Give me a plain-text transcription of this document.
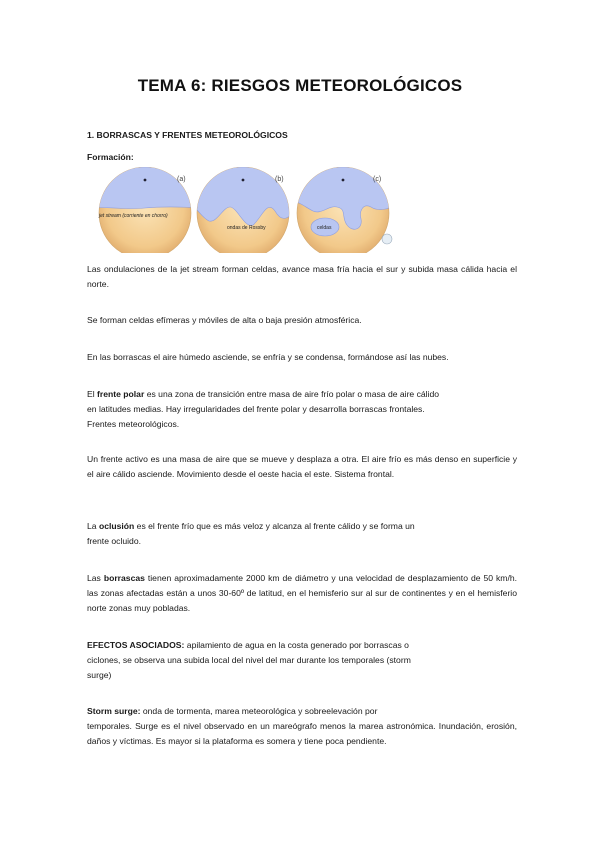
TEMA 6: RIESGOS METEOROLÓGICOS
1. BORRASCAS Y FRENTES METEOROLÓGICOS
Formación:
(a)
jet stream (corriente en chorro)
(b)
ondas de Rossby
(c)
celdas
Las ondulaciones de la jet stream forman celdas, avance masa fría hacia el sur y subida masa cálida hacia el norte.
Se forman celdas efímeras y móviles de alta o baja presión atmosférica.
En las borrascas el aire húmedo asciende, se enfría y se condensa, formándose así las nubes.
El frente polar es una zona de transición entre masa de aire frío polar o masa de aire cálido
en latitudes medias. Hay irregularidades del frente polar y desarrolla borrascas frontales.
Frentes meteorológicos.
Un frente activo es una masa de aire que se mueve y desplaza a otra. El aire frío es más denso en superficie y el aire cálido asciende. Movimiento desde el oeste hacia el este. Sistema frontal.
La oclusión es el frente frío que es más veloz y alcanza al frente cálido y se forma un
frente ocluido.
Las borrascas tienen aproximadamente 2000 km de diámetro y una velocidad de desplazamiento de 50 km/h. las zonas afectadas están a unos 30-60º de latitud, en el hemisferio sur al sur de continentes y en el hemisferio norte zonas muy pobladas.
EFECTOS ASOCIADOS: apilamiento de agua en la costa generado por borrascas o
ciclones, se observa una subida local del nivel del mar durante los temporales (storm
surge)
Storm surge: onda de tormenta, marea meteorológica y sobreelevación por
temporales. Surge es el nivel observado en un mareógrafo menos la marea astronómica. Inundación, erosión, daños y víctimas. Es mayor si la plataforma es somera y tiene poca pendiente.
